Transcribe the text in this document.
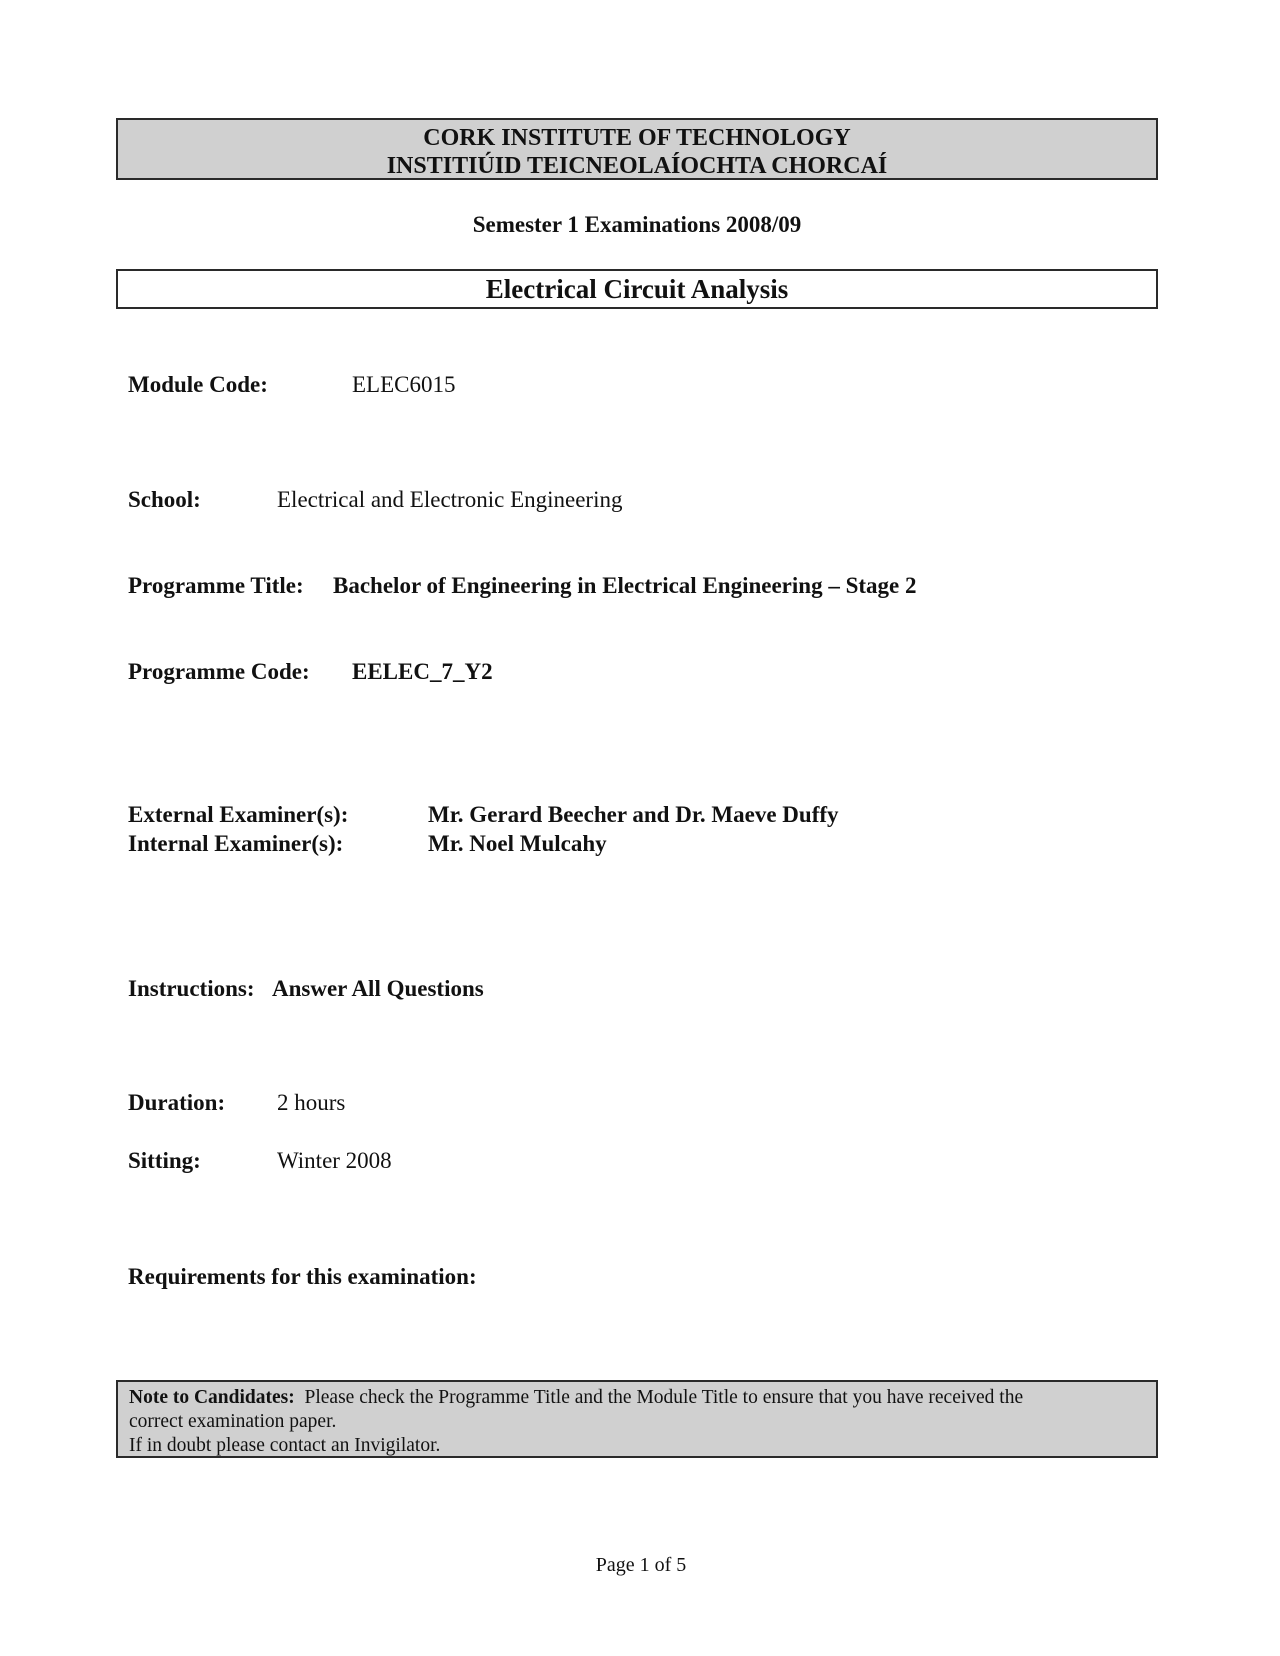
CORK INSTITUTE OF TECHNOLOGY
INSTITIÚID TEICNEOLAÍOCHTA CHORCAÍ
Semester 1 Examinations 2008/09
Electrical Circuit Analysis
Module Code:	ELEC6015
School:	Electrical and Electronic Engineering
Programme Title: Bachelor of Engineering in Electrical Engineering – Stage 2
Programme Code: EELEC_7_Y2
External Examiner(s):	Mr. Gerard Beecher and Dr. Maeve Duffy
Internal Examiner(s):	Mr. Noel Mulcahy
Instructions: Answer All Questions
Duration: 2 hours
Sitting:	Winter 2008
Requirements for this examination:
Note to Candidates: Please check the Programme Title and the Module Title to ensure that you have received the
correct examination paper.
If in doubt please contact an Invigilator.
Page 1 of 5
